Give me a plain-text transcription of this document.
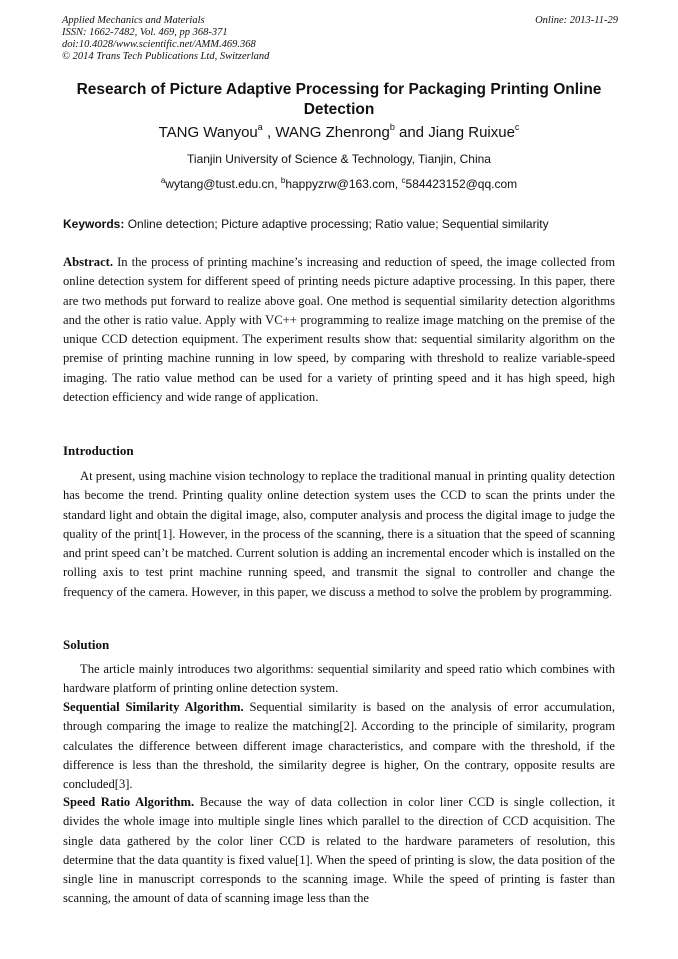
Applied Mechanics and Materials
ISSN: 1662-7482, Vol. 469, pp 368-371
doi:10.4028/www.scientific.net/AMM.469.368
© 2014 Trans Tech Publications Ltd, Switzerland
Online: 2013-11-29
Research of Picture Adaptive Processing for Packaging Printing Online
Detection
TANG Wanyou$^a$ , WANG Zhenrong$^b$ and Jiang Ruixue$^c$
Tianjin University of Science & Technology, Tianjin, China
$^a$wytang@tust.edu.cn, $^b$happyzrw@163.com, $^c$584423152@qq.com
Keywords: Online detection; Picture adaptive processing; Ratio value; Sequential similarity

Abstract. In the process of printing machine’s increasing and reduction of speed, the image collected from online detection system for different speed of printing needs picture adaptive processing. In this paper, there are two methods put forward to realize above goal. One method is sequential similarity detection algorithms and the other is ratio value. Apply with VC++ programming to realize image matching on the premise of the unique CCD detection equipment. The experiment results show that: sequential similarity algorithm on the premise of printing machine running in low speed, by comparing with threshold to realize variable-speed imaging. The ratio value method can be used for a variety of printing speed and it has high speed, high detection efficiency and wide range of application.

Introduction

At present, using machine vision technology to replace the traditional manual in printing quality detection has become the trend. Printing quality online detection system uses the CCD to scan the prints under the standard light and obtain the digital image, also, computer analysis and process the digital image to judge the quality of the print[1]. However, in the process of the scanning, there is a situation that the speed of scanning and print speed can’t be matched. Current solution is adding an incremental encoder which is installed on the rolling axis to test print machine running speed, and transmit the signal to controller and change the frequency of the camera. However, in this paper, we discuss a method to solve the problem by programming.

Solution

The article mainly introduces two algorithms: sequential similarity and speed ratio which combines with hardware platform of printing online detection system.

Sequential Similarity Algorithm. Sequential similarity is based on the analysis of error accumulation, through comparing the image to realize the matching[2]. According to the principle of similarity, program calculates the difference between different image characteristics, and compare with the threshold, if the difference is less than the threshold, the similarity degree is higher, On the contrary, opposite results are concluded[3].

Speed Ratio Algorithm. Because the way of data collection in color liner CCD is single collection, it divides the whole image into multiple single lines which parallel to the direction of CCD acquisition. The single data gathered by the color liner CCD is related to the hardware parameters of resolution, this determine that the data quantity is fixed value[1]. When the speed of printing is slow, the data position of the single line in manuscript corresponds to the scanning image. While the speed of printing is faster than scanning, the amount of data of scanning image less than the
